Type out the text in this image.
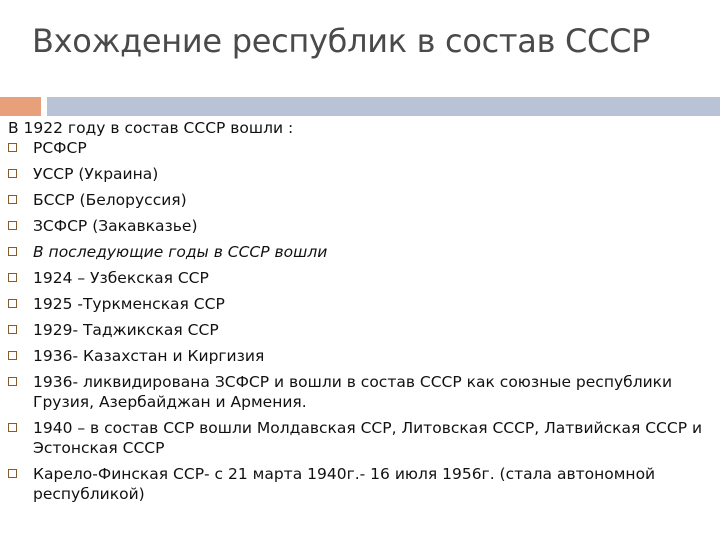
Вхождение республик в состав СССР

В 1922 году в состав СССР вошли :

РСФСР
УССР (Украина)
БССР (Белоруссия)
ЗСФСР (Закавказье)
В последующие годы в СССР вошли
1924 – Узбекская ССР
1925 -Туркменская ССР
1929- Таджикская ССР
1936- Казахстан и Киргизия
1936- ликвидирована ЗСФСР и вошли в состав СССР как союзные республики Грузия, Азербайджан и Армения.
1940 – в состав ССР вошли Молдавская ССР, Литовская СССР, Латвийская СССР и Эстонская СССР
Карело-Финская ССР- с 21 марта 1940г.- 16 июля 1956г. (стала автономной республикой)
